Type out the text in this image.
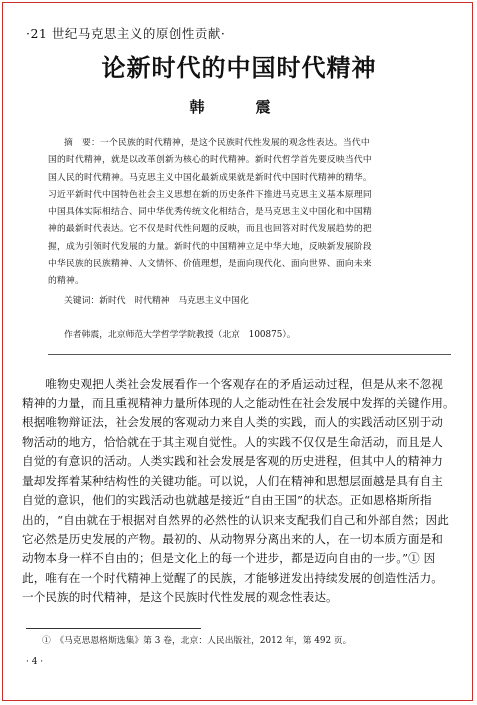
·21 世纪马克思主义的原创性贡献·
论新时代的中国时代精神
韩　震
摘　要：一个民族的时代精神，是这个民族时代性发展的观念性表达。当代中
国的时代精神，就是以改革创新为核心的时代精神。新时代哲学首先要反映当代中
国人民的时代精神。马克思主义中国化最新成果就是新时代中国时代精神的精华。
习近平新时代中国特色社会主义思想在新的历史条件下推进马克思主义基本原理同
中国具体实际相结合、同中华优秀传统文化相结合，是马克思主义中国化和中国精
神的最新时代表达。它不仅是时代性问题的反映，而且也回答对时代发展趋势的把
握，成为引领时代发展的力量。新时代的中国精神立足中华大地，反映新发展阶段
中华民族的民族精神、人文情怀、价值理想，是面向现代化、面向世界、面向未来
的精神。
关键词：新时代　时代精神　马克思主义中国化
作者韩震，北京师范大学哲学学院教授（北京　100875）。
　　唯物史观把人类社会发展看作一个客观存在的矛盾运动过程，但是从来不忽视
精神的力量，而且重视精神力量所体现的人之能动性在社会发展中发挥的关键作用。
根据唯物辩证法，社会发展的客观动力来自人类的实践，而人的实践活动区别于动
物活动的地方，恰恰就在于其主观自觉性。人的实践不仅仅是生命活动，而且是人
自觉的有意识的活动。人类实践和社会发展是客观的历史进程，但其中人的精神力
量却发挥着某种结构性的关键功能。可以说，人们在精神和思想层面越是具有自主
自觉的意识，他们的实践活动也就越是接近“自由王国”的状态。正如恩格斯所指
出的，“自由就在于根据对自然界的必然性的认识来支配我们自己和外部自然；因此
它必然是历史发展的产物。最初的、从动物界分离出来的人，在一切本质方面是和
动物本身一样不自由的；但是文化上的每一个进步，都是迈向自由的一步。”① 因
此，唯有在一个时代精神上觉醒了的民族，才能够迸发出持续发展的创造性活力。
一个民族的时代精神，是这个民族时代性发展的观念性表达。
①　《马克思恩格斯选集》第 3 卷，北京：人民出版社，2012 年，第 492 页。
· 4 ·
